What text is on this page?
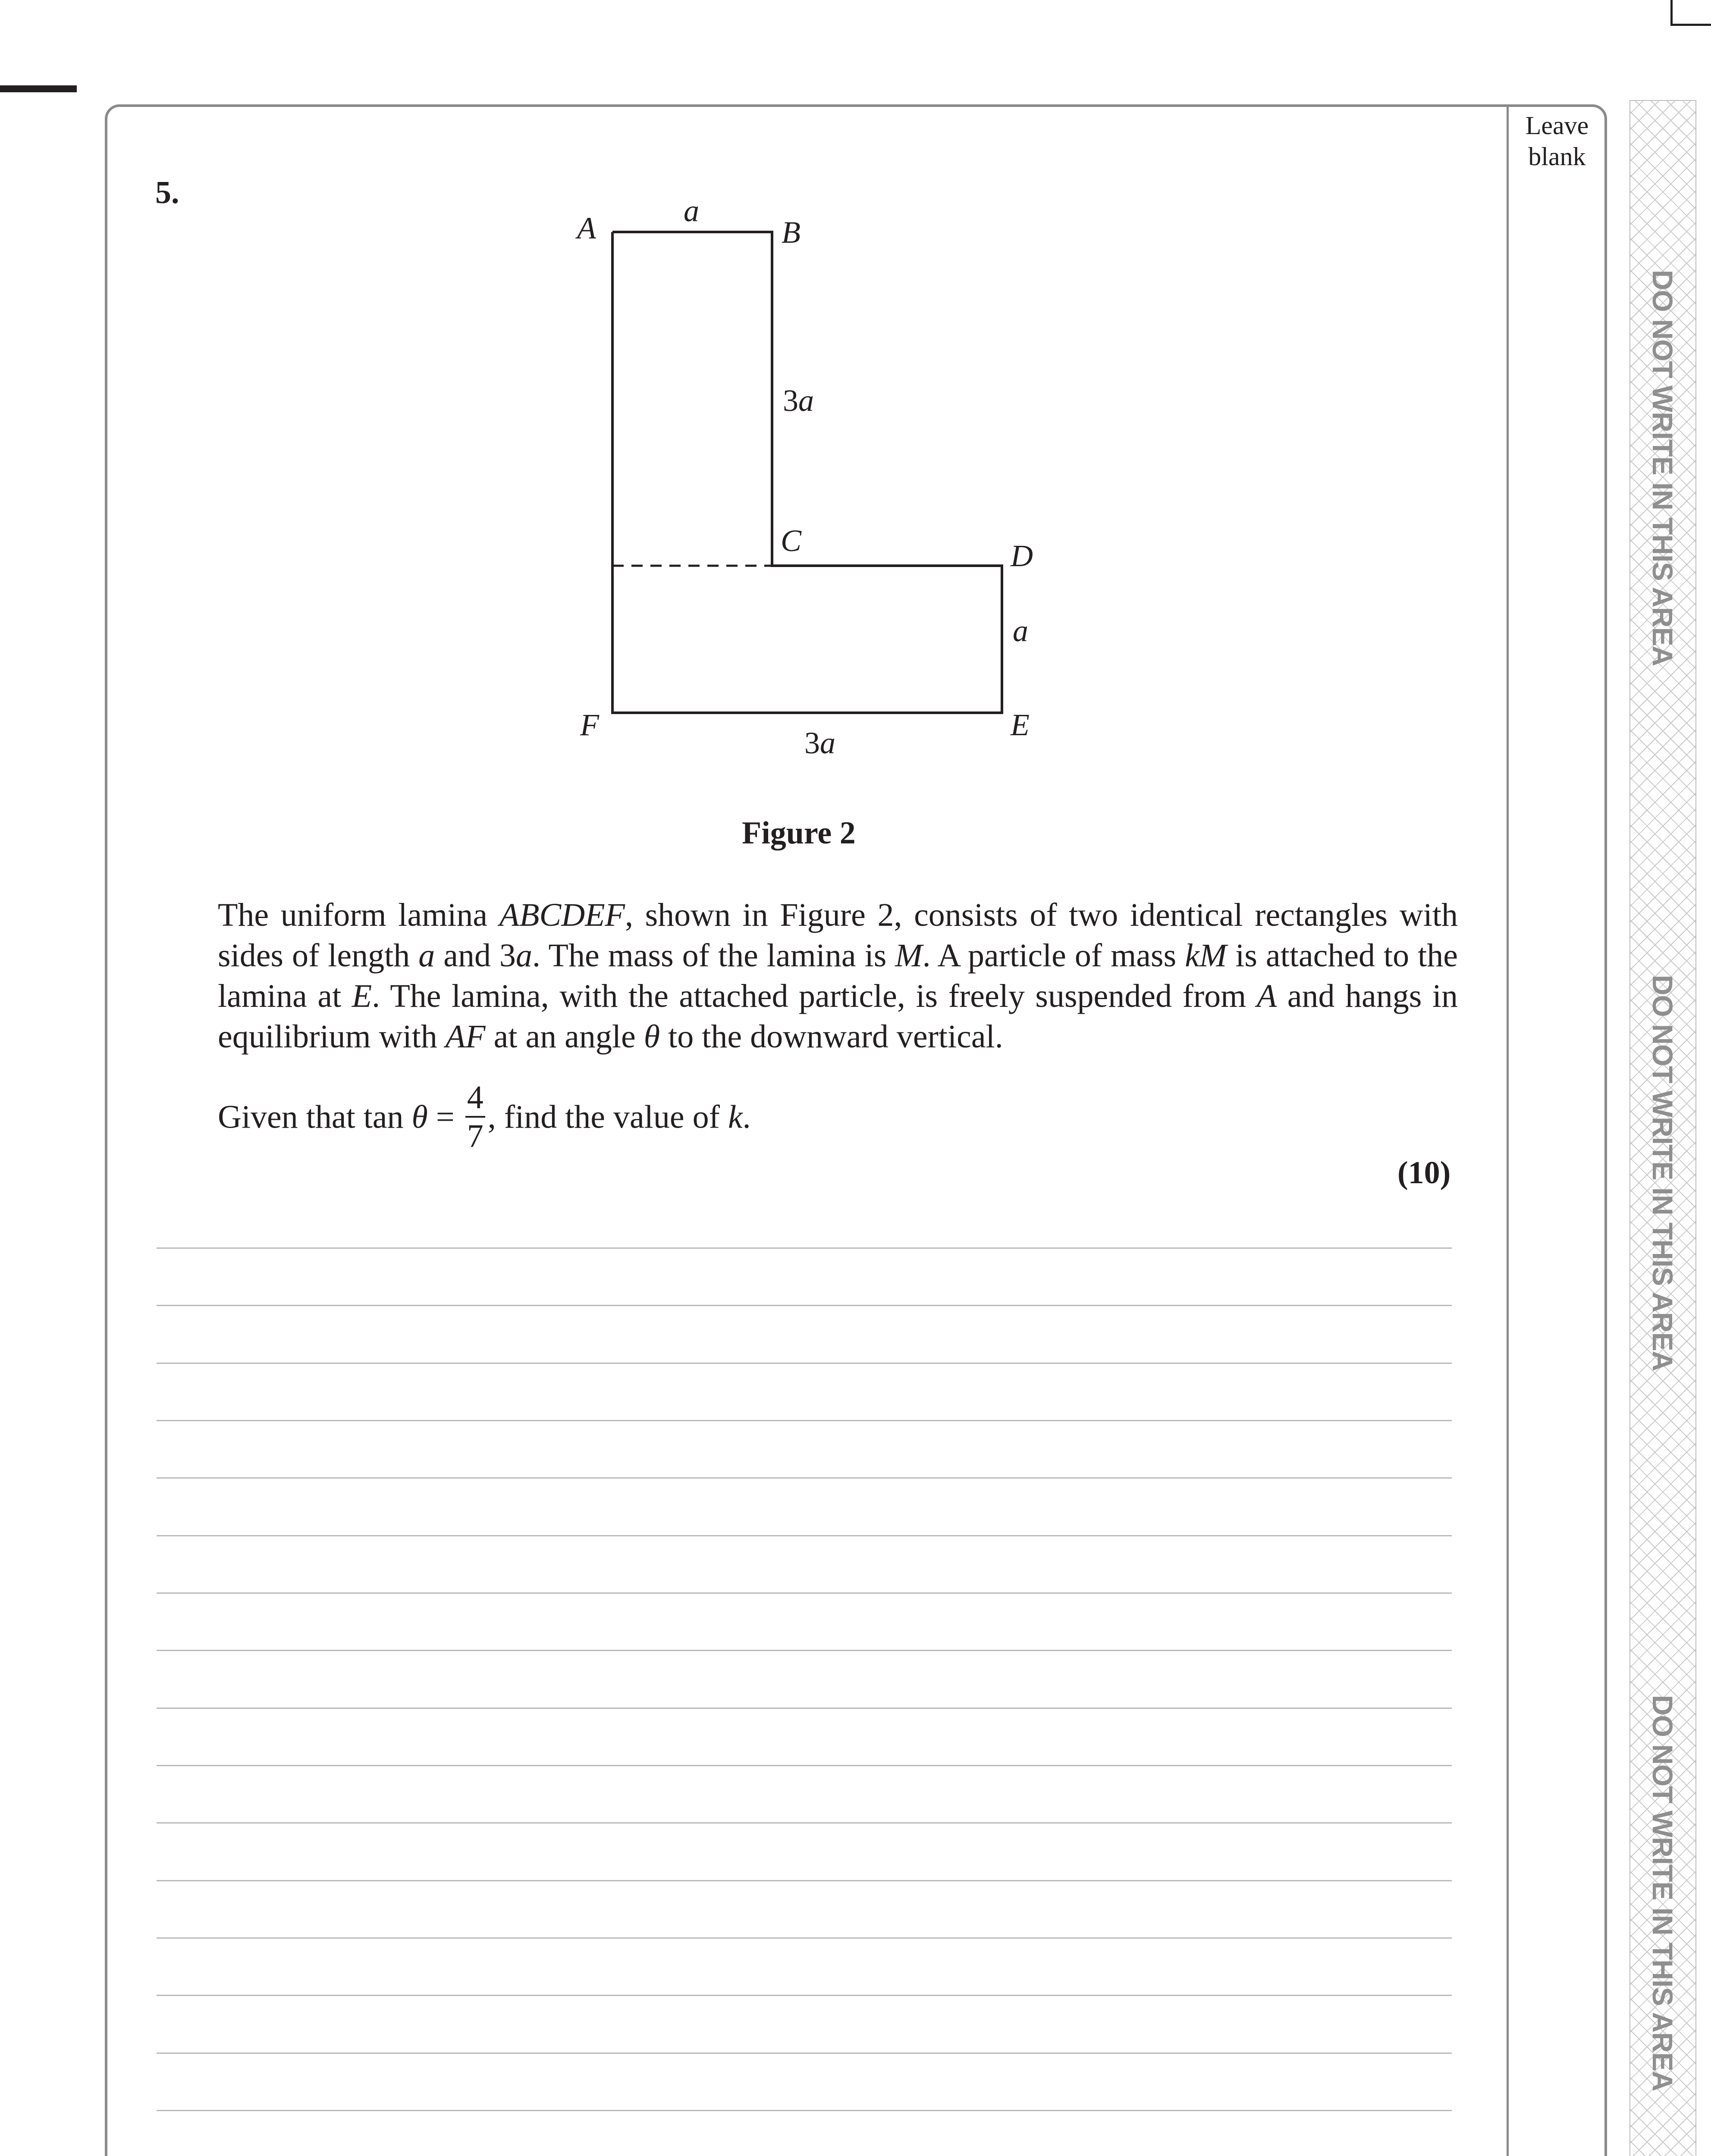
Leave blank
DO NOT WRITE IN THIS AREA
DO NOT WRITE IN THIS AREA
DO NOT WRITE IN THIS AREA
5.
A	B
C	D
E
F
a
3a
a
3a
Figure 2
The uniform lamina ABCDEF, shown in Figure 2, consists of two identical rectangles with sides of length a and 3a. The mass of the lamina is M. A particle of mass kM is attached to the lamina at E. The lamina, with the attached particle, is freely suspended from A and hangs in equilibrium with AF at an angle θ to the downward vertical.
Given that $\tan \theta = \frac{4}{7}$ , find the value of k.
(10)
